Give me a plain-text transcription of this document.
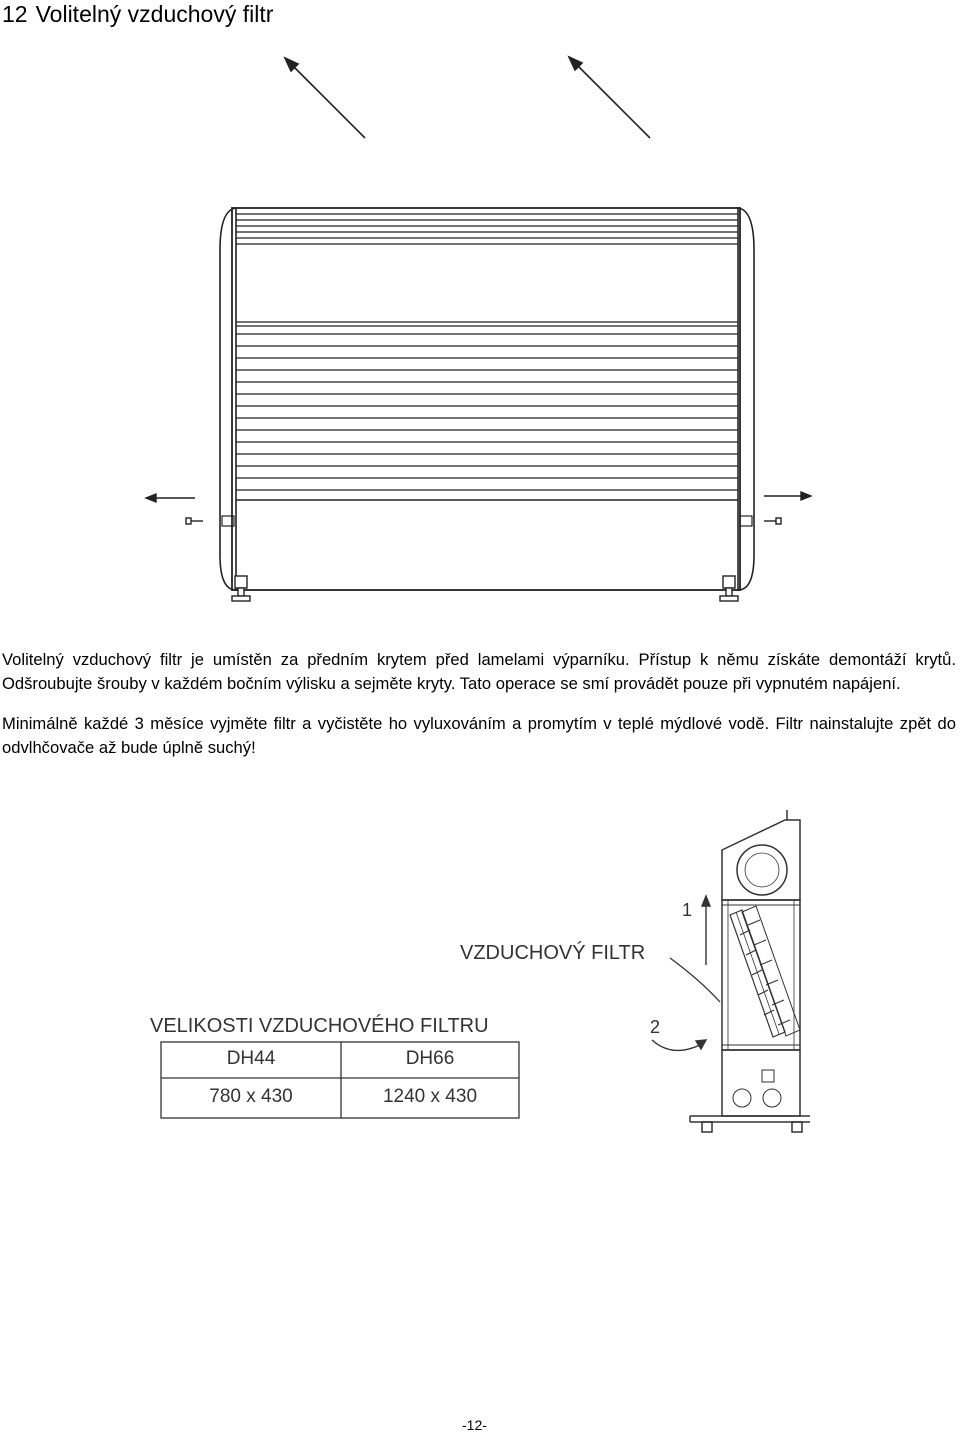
12 Volitelný vzduchový filtr

Volitelný vzduchový filtr je umístěn za předním krytem před lamelami výparníku. Přístup k němu získáte demontáží krytů. Odšroubujte šrouby v každém bočním výlisku a sejměte kryty. Tato operace se smí provádět pouze při vypnutém napájení.

Minimálně každé 3 měsíce vyjměte filtr a vyčistěte ho vyluxováním a promytím v teplé mýdlové vodě. Filtr nainstalujte zpět do odvlhčovače až bude úplně suchý!

VELIKOSTI VZDUCHOVÉHO FILTRU
DH44	DH66
780 x 430	1240 x 430
VZDUCHOVÝ FILTR
1
2
-12-
